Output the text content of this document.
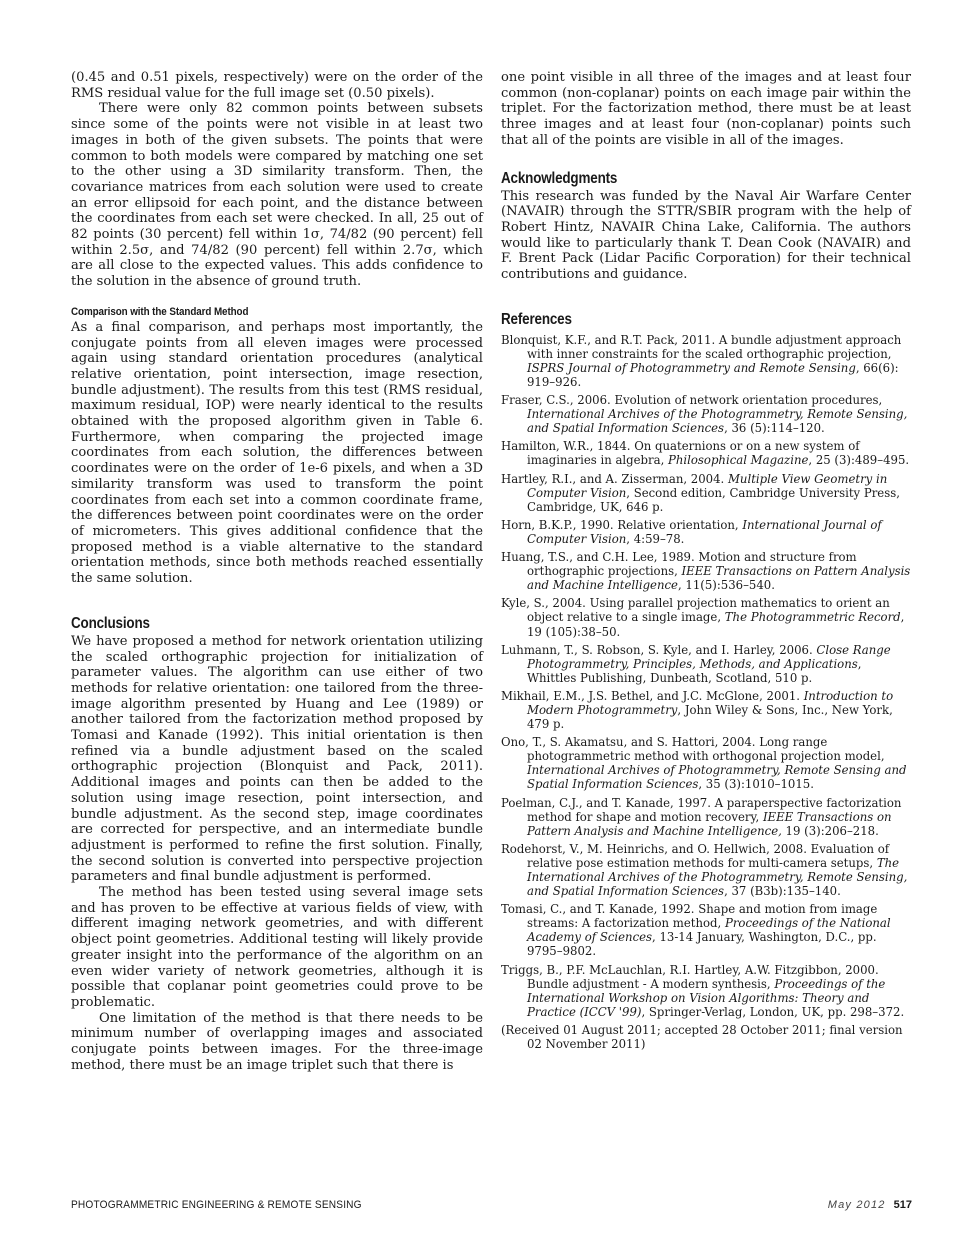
(0.45 and 0.51 pixels, respectively) were on the order of the RMS residual value for the full image set (0.50 pixels).

There were only 82 common points between subsets since some of the points were not visible in at least two images in both of the given subsets. The points that were common to both models were compared by matching one set to the other using a 3D similarity transform. Then, the covariance matrices from each solution were used to create an error ellipsoid for each point, and the distance between the coordinates from each set were checked. In all, 25 out of 82 points (30 percent) fell within 1σ, 74/82 (90 percent) fell within 2.5σ, and 74/82 (90 percent) fell within 2.7σ, which are all close to the expected values. This adds confidence to the solution in the absence of ground truth.

Comparison with the Standard Method

As a final comparison, and perhaps most importantly, the conjugate points from all eleven images were processed again using standard orientation procedures (analytical relative orientation, point intersection, image resection, bundle adjustment). The results from this test (RMS residual, maximum residual, IOP) were nearly identical to the results obtained with the proposed algorithm given in Table 6. Furthermore, when comparing the projected image coordinates from each solution, the differences between coordinates were on the order of 1e-6 pixels, and when a 3D similarity transform was used to transform the point coordinates from each set into a common coordinate frame, the differences between point coordinates were on the order of micrometers. This gives additional confidence that the proposed method is a viable alternative to the standard orientation methods, since both methods reached essentially the same solution.

Conclusions

We have proposed a method for network orientation utilizing the scaled orthographic projection for initialization of parameter values. The algorithm can use either of two methods for relative orientation: one tailored from the three-image algorithm presented by Huang and Lee (1989) or another tailored from the factorization method proposed by Tomasi and Kanade (1992). This initial orientation is then refined via a bundle adjustment based on the scaled orthographic projection (Blonquist and Pack, 2011). Additional images and points can then be added to the solution using image resection, point intersection, and bundle adjustment. As the second step, image coordinates are corrected for perspective, and an intermediate bundle adjustment is performed to refine the first solution. Finally, the second solution is converted into perspective projection parameters and final bundle adjustment is performed.

The method has been tested using several image sets and has proven to be effective at various fields of view, with different imaging network geometries, and with different object point geometries. Additional testing will likely provide greater insight into the performance of the algorithm on an even wider variety of network geometries, although it is possible that coplanar point geometries could prove to be problematic.

One limitation of the method is that there needs to be minimum number of overlapping images and associated conjugate points between images. For the three-image method, there must be an image triplet such that there is

one point visible in all three of the images and at least four common (non-coplanar) points on each image pair within the triplet. For the factorization method, there must be at least three images and at least four (non-coplanar) points such that all of the points are visible in all of the images.

Acknowledgments

This research was funded by the Naval Air Warfare Center (NAVAIR) through the STTR/SBIR program with the help of Robert Hintz, NAVAIR China Lake, California. The authors would like to particularly thank T. Dean Cook (NAVAIR) and F. Brent Pack (Lidar Pacific Corporation) for their technical contributions and guidance.

References

Blonquist, K.F., and R.T. Pack, 2011. A bundle adjustment approach with inner constraints for the scaled orthographic projection, ISPRS Journal of Photogrammetry and Remote Sensing, 66(6): 919–926.

Fraser, C.S., 2006. Evolution of network orientation procedures, International Archives of the Photogrammetry, Remote Sensing, and Spatial Information Sciences, 36 (5):114–120.

Hamilton, W.R., 1844. On quaternions or on a new system of imaginaries in algebra, Philosophical Magazine, 25 (3):489–495.

Hartley, R.I., and A. Zisserman, 2004. Multiple View Geometry in Computer Vision, Second edition, Cambridge University Press, Cambridge, UK, 646 p.

Horn, B.K.P., 1990. Relative orientation, International Journal of Computer Vision, 4:59–78.

Huang, T.S., and C.H. Lee, 1989. Motion and structure from orthographic projections, IEEE Transactions on Pattern Analysis and Machine Intelligence, 11(5):536–540.

Kyle, S., 2004. Using parallel projection mathematics to orient an object relative to a single image, The Photogrammetric Record, 19 (105):38–50.

Luhmann, T., S. Robson, S. Kyle, and I. Harley, 2006. Close Range Photogrammetry, Principles, Methods, and Applications, Whittles Publishing, Dunbeath, Scotland, 510 p.

Mikhail, E.M., J.S. Bethel, and J.C. McGlone, 2001. Introduction to Modern Photogrammetry, John Wiley & Sons, Inc., New York, 479 p.

Ono, T., S. Akamatsu, and S. Hattori, 2004. Long range photogrammetric method with orthogonal projection model, International Archives of Photogrammetry, Remote Sensing and Spatial Information Sciences, 35 (3):1010–1015.

Poelman, C.J., and T. Kanade, 1997. A paraperspective factorization method for shape and motion recovery, IEEE Transactions on Pattern Analysis and Machine Intelligence, 19 (3):206–218.

Rodehorst, V., M. Heinrichs, and O. Hellwich, 2008. Evaluation of relative pose estimation methods for multi-camera setups, The International Archives of the Photogrammetry, Remote Sensing, and Spatial Information Sciences, 37 (B3b):135–140.

Tomasi, C., and T. Kanade, 1992. Shape and motion from image streams: A factorization method, Proceedings of the National Academy of Sciences, 13-14 January, Washington, D.C., pp. 9795–9802.

Triggs, B., P.F. McLauchlan, R.I. Hartley, A.W. Fitzgibbon, 2000. Bundle adjustment - A modern synthesis, Proceedings of the International Workshop on Vision Algorithms: Theory and Practice (ICCV '99), Springer-Verlag, London, UK, pp. 298–372.

(Received 01 August 2011; accepted 28 October 2011; final version 02 November 2011)

PHOTOGRAMMETRIC ENGINEERING & REMOTE SENSING	May 2012 517
